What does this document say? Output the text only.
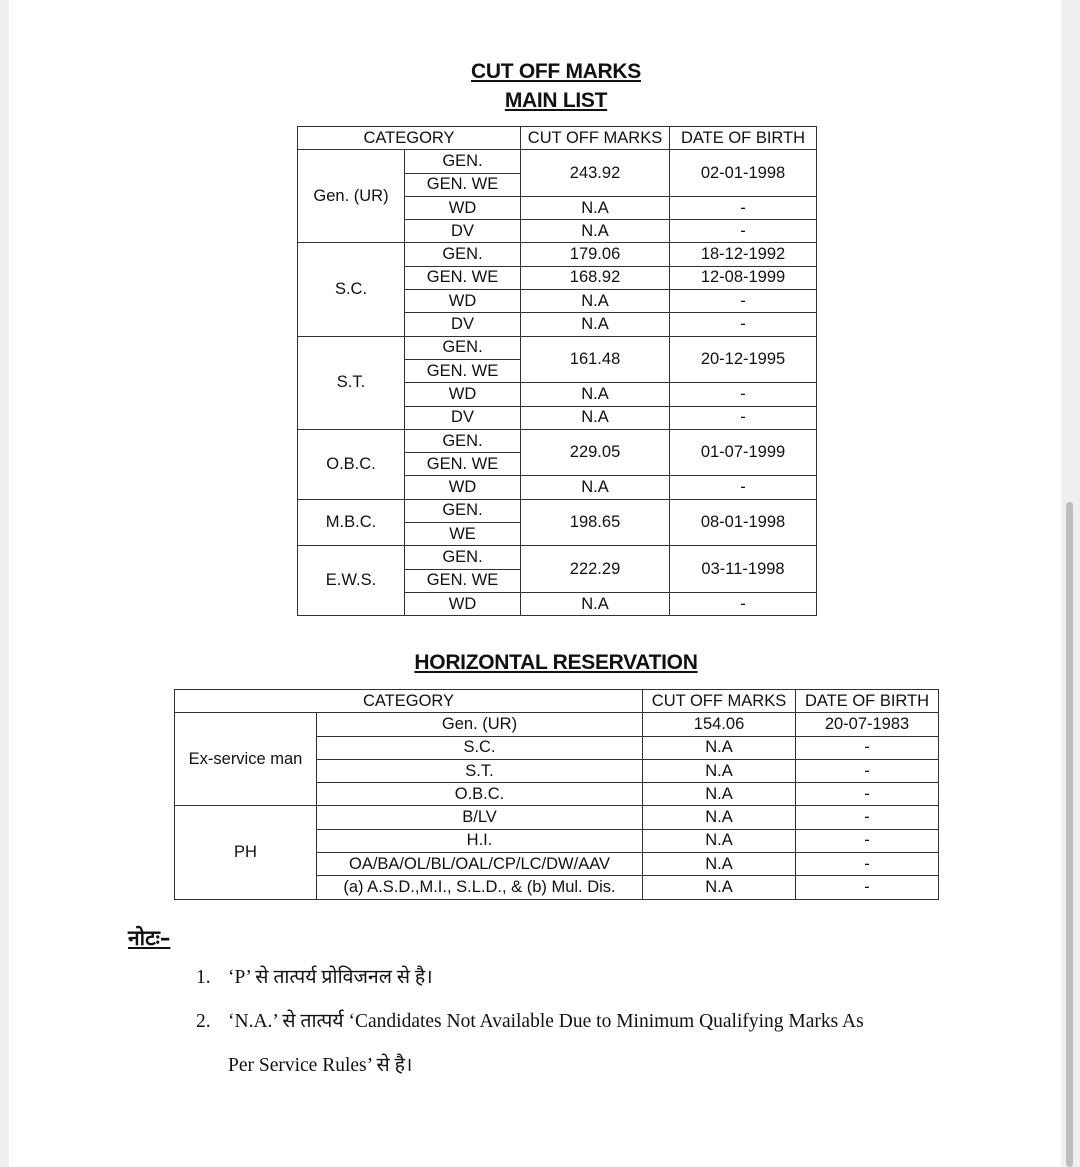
CUT OFF MARKS
MAIN LIST
CATEGORY		CUT OFF MARKS	DATE OF BIRTH
Gen. (UR)	GEN.	243.92	02-01-1998
	GEN. WE		
	WD	N.A	-
	DV	N.A	-
S.C.	GEN.	179.06	18-12-1992
	GEN. WE	168.92	12-08-1999
	WD	N.A	-
	DV	N.A	-
S.T.	GEN.	161.48	20-12-1995
	GEN. WE		
	WD	N.A	-
	DV	N.A	-
O.B.C.	GEN.	229.05	01-07-1999
	GEN. WE		
	WD	N.A	-
M.B.C.	GEN.	198.65	08-01-1998
	WE		
E.W.S.	GEN.	222.29	03-11-1998
	GEN. WE		
	WD	N.A	-
HORIZONTAL RESERVATION
CATEGORY		CUT OFF MARKS	DATE OF BIRTH
Ex-service man	Gen. (UR)	154.06	20-07-1983
	S.C.	N.A	-
	S.T.	N.A	-
	O.B.C.	N.A	-
PH	B/LV	N.A	-
	H.I.	N.A	-
	OA/BA/OL/BL/OAL/CP/LC/DW/AAV	N.A	-
	(a) A.S.D.,M.I., S.L.D., & (b) Mul. Dis.	N.A	-
नोटः–
1. ‘P’ से तात्पर्य प्रोविजनल से है।
2. ‘N.A.’ से तात्पर्य ‘Candidates Not Available Due to Minimum Qualifying Marks As
Per Service Rules’ से है।
